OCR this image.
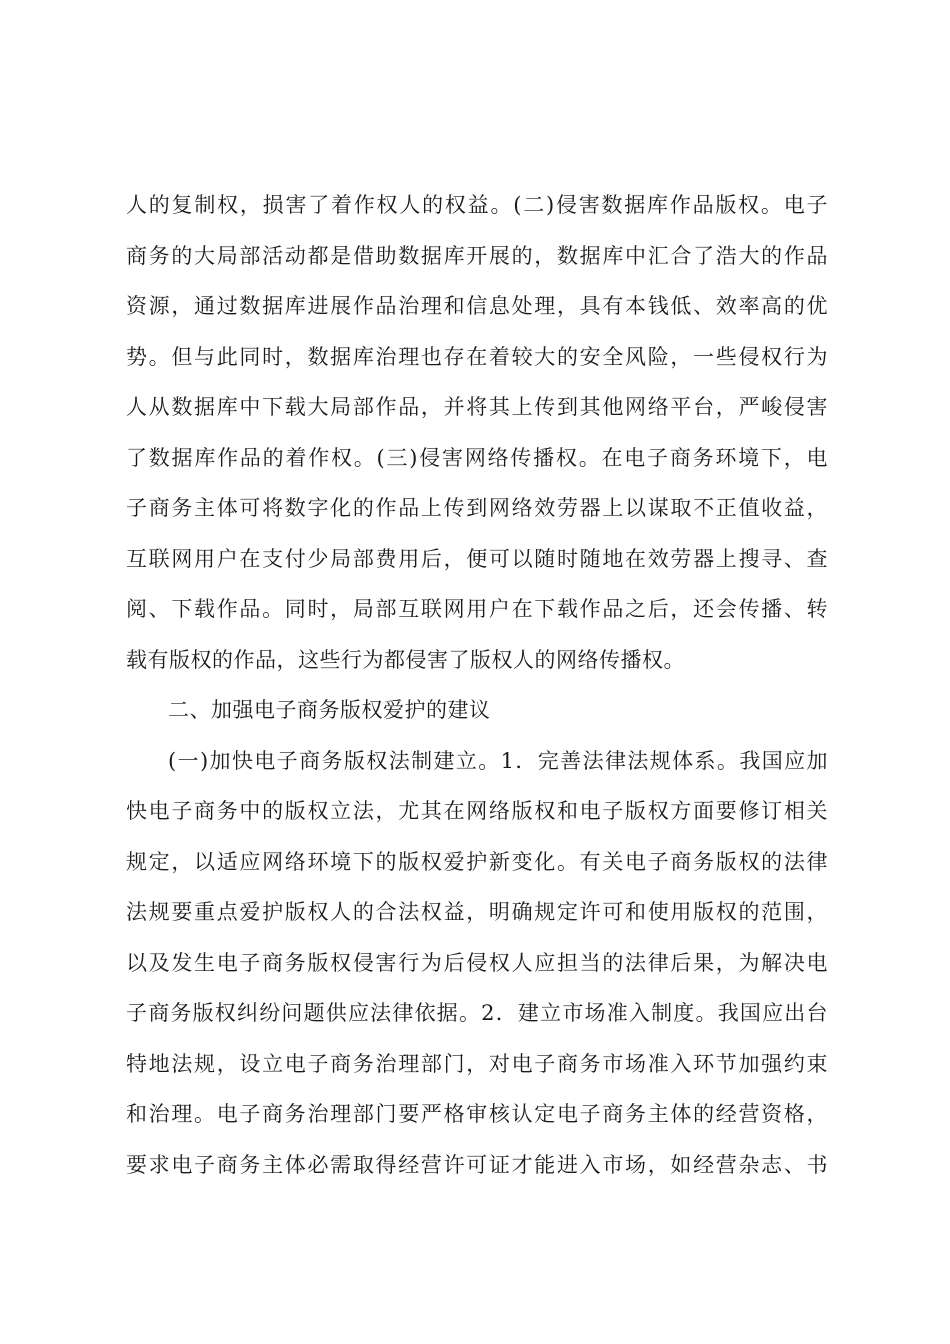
人的复制权，损害了着作权人的权益。(二)侵害数据库作品版权。电子
商务的大局部活动都是借助数据库开展的，数据库中汇合了浩大的作品
资源，通过数据库进展作品治理和信息处理，具有本钱低、效率高的优
势。但与此同时，数据库治理也存在着较大的安全风险，一些侵权行为
人从数据库中下载大局部作品，并将其上传到其他网络平台，严峻侵害
了数据库作品的着作权。(三)侵害网络传播权。在电子商务环境下，电
子商务主体可将数字化的作品上传到网络效劳器上以谋取不正值收益，
互联网用户在支付少局部费用后，便可以随时随地在效劳器上搜寻、查
阅、下载作品。同时，局部互联网用户在下载作品之后，还会传播、转
载有版权的作品，这些行为都侵害了版权人的网络传播权。
二、加强电子商务版权爱护的建议
(一)加快电子商务版权法制建立。1．完善法律法规体系。我国应加
快电子商务中的版权立法，尤其在网络版权和电子版权方面要修订相关
规定，以适应网络环境下的版权爱护新变化。有关电子商务版权的法律
法规要重点爱护版权人的合法权益，明确规定许可和使用版权的范围，
以及发生电子商务版权侵害行为后侵权人应担当的法律后果，为解决电
子商务版权纠纷问题供应法律依据。2．建立市场准入制度。我国应出台
特地法规，设立电子商务治理部门，对电子商务市场准入环节加强约束
和治理。电子商务治理部门要严格审核认定电子商务主体的经营资格，
要求电子商务主体必需取得经营许可证才能进入市场，如经营杂志、书
